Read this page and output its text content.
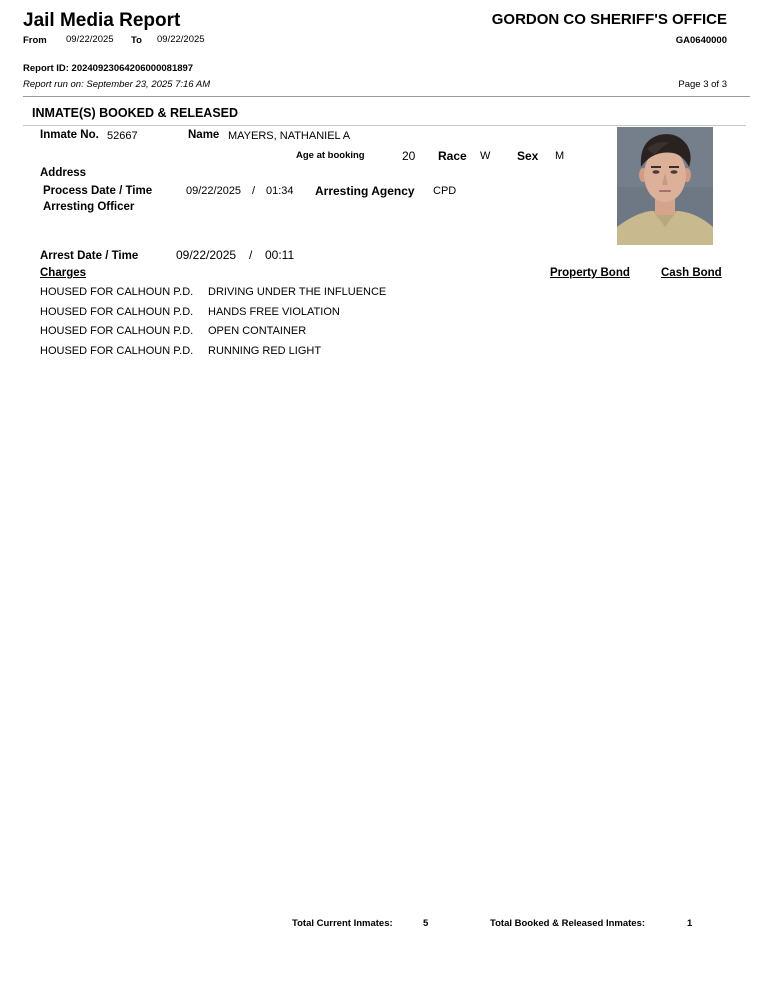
Jail Media Report	GORDON CO SHERIFF'S OFFICE
GA0640000
From 09/22/2025 To 09/22/2025
Report ID: 20240923064206000081897
Report run on: September 23, 2025 7:16 AM	Page 3 of 3
INMATE(S) BOOKED & RELEASED
Inmate No. 52667	Name MAYERS, NATHANIEL A
Age at booking	20 Race W Sex M
Address
Process Date / Time	09/22/2025 / 01:34 Arresting Agency CPD
Arresting Officer
Arrest Date / Time	09/22/2025 / 00:11
Charges	Property Bond	Cash Bond
HOUSED FOR CALHOUN P.D. DRIVING UNDER THE INFLUENCE
HOUSED FOR CALHOUN P.D. HANDS FREE VIOLATION
HOUSED FOR CALHOUN P.D. OPEN CONTAINER
HOUSED FOR CALHOUN P.D. RUNNING RED LIGHT
Total Current Inmates:	5	Total Booked & Released Inmates:	1
